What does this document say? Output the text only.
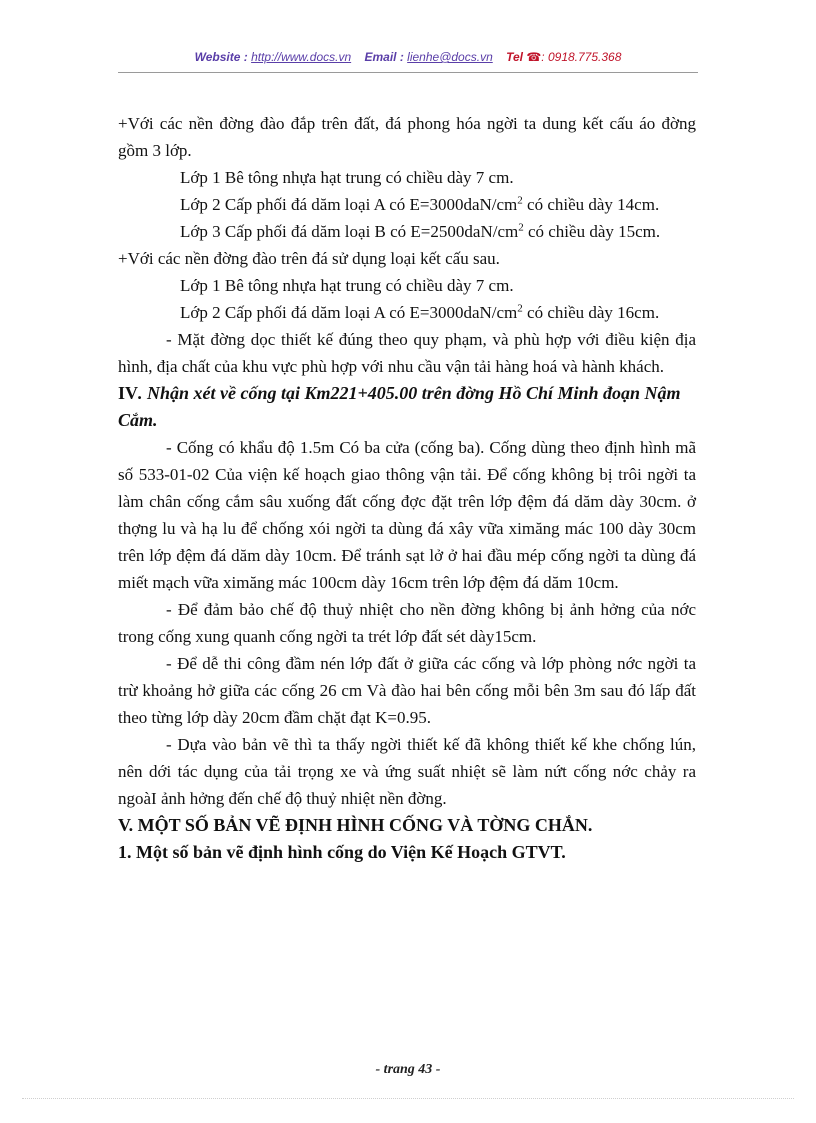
Website : http://www.docs.vn Email : lienhe@docs.vn Tel ☎: 0918.775.368

+Với các nền đờng đào đắp trên đất, đá phong hóa ngời ta dung kết cấu áo đờng gồm 3 lớp.

Lớp 1 Bê tông nhựa hạt trung có chiều dày 7 cm.

Lớp 2 Cấp phối đá dăm loại A có $E=3000daN/cm^2$ có chiều dày 14cm.

Lớp 3 Cấp phối đá dăm loại B có $E=2500daN/cm^2$ có chiều dày 15cm.

+Với các nền đờng đào trên đá sử dụng loại kết cấu sau.

Lớp 1 Bê tông nhựa hạt trung có chiều dày 7 cm.

Lớp 2 Cấp phối đá dăm loại A có $E=3000daN/cm^2$ có chiều dày 16cm.

- Mặt đờng dọc thiết kế đúng theo quy phạm, và phù hợp với điều kiện địa hình, địa chất của khu vực phù hợp với nhu cầu vận tải hàng hoá và hành khách.

IV. Nhận xét về cống tại Km221+405.00 trên đờng Hồ Chí Minh đoạn Nậm Cắm.

- Cống có khẩu độ 1.5m Có ba cửa (cống ba). Cống dùng theo định hình mã số 533-01-02 Của viện kế hoạch giao thông vận tải. Để cống không bị trôi ngời ta làm chân cống cắm sâu xuống đất cống đợc đặt trên lớp đệm đá dăm dày 30cm. ở thợng lu và hạ lu để chống xói ngời ta dùng đá xây vữa ximăng mác 100 dày 30cm trên lớp đệm đá dăm dày 10cm. Để tránh sạt lở ở hai đầu mép cống ngời ta dùng đá miết mạch vữa ximăng mác 100cm dày 16cm trên lớp đệm đá dăm 10cm.

- Để đảm bảo chế độ thuỷ nhiệt cho nền đờng không bị ảnh hởng của nớc trong cống xung quanh cống ngời ta trét lớp đất sét dày15cm.

- Để dễ thi công đầm nén lớp đất ở giữa các cống và lớp phòng nớc ngời ta trừ khoảng hở giữa các cống 26 cm Và đào hai bên cống mỗi bên 3m sau đó lấp đất theo từng lớp dày 20cm đầm chặt đạt K=0.95.

- Dựa vào bản vẽ thì ta thấy ngời thiết kế đã không thiết kế khe chống lún, nên dới tác dụng của tải trọng xe và ứng suất nhiệt sẽ làm nứt cống nớc chảy ra ngoàI ảnh hởng đến chế độ thuỷ nhiệt nền đờng.

V. MỘT SỐ BẢN VẼ ĐỊNH HÌNH CỐNG VÀ TỜNG CHẮN.

1. Một số bản vẽ định hình cống do Viện Kế Hoạch GTVT.

- trang 43 -
